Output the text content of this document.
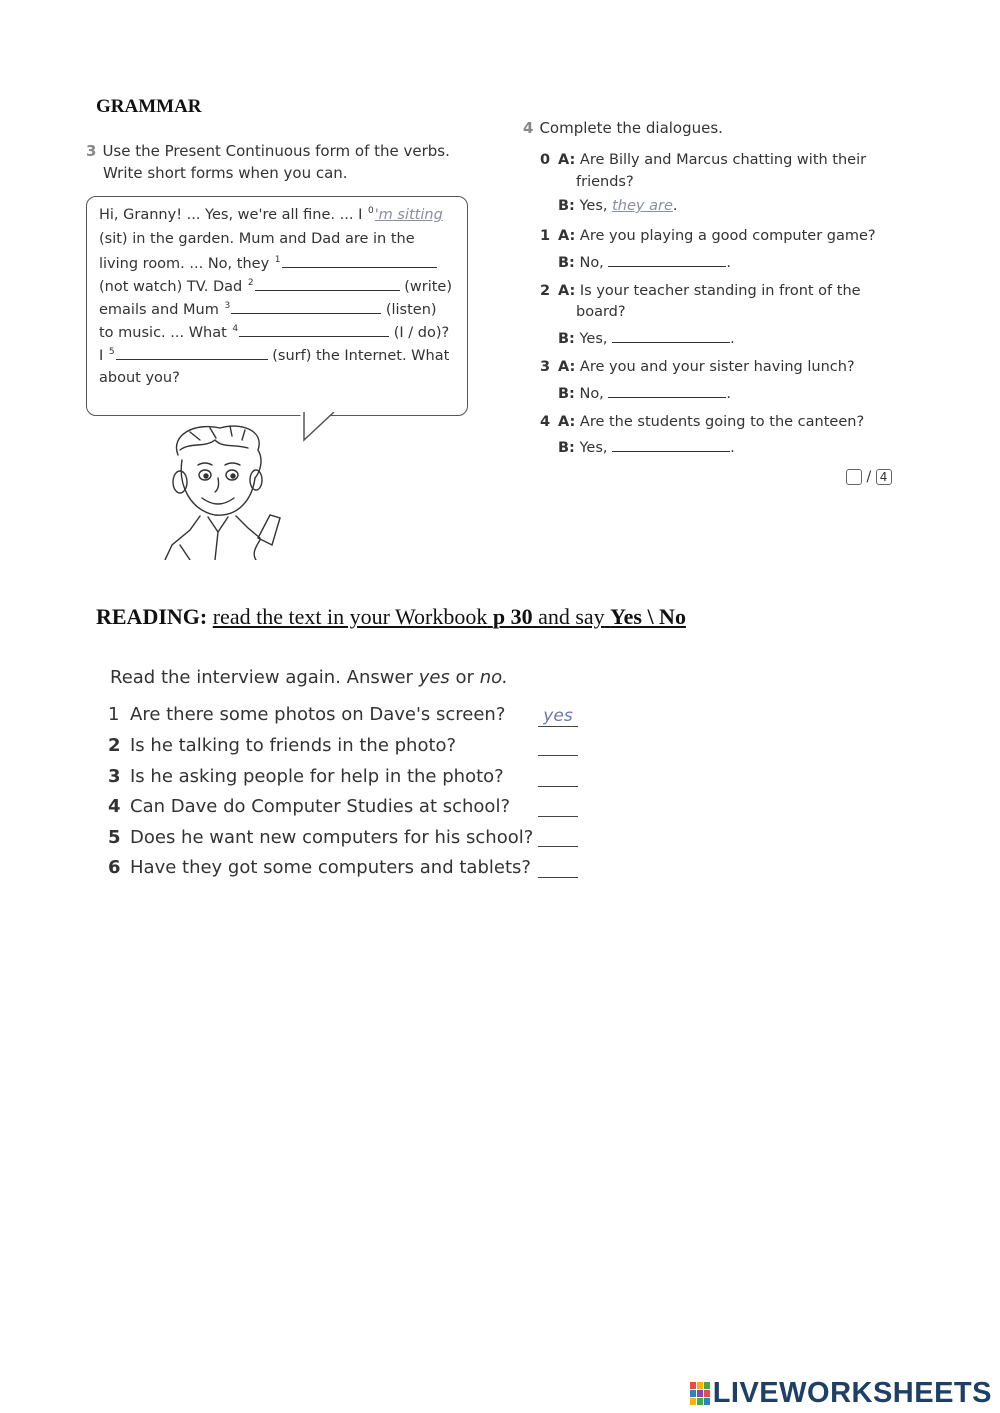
GRAMMAR
3 Use the Present Continuous form of the verbs.
Write short forms when you can.
Hi, Granny! ... Yes, we're all fine. ... I $^0$'m sitting
(sit) in the garden. Mum and Dad are in the
living room. ... No, they $^1$
(not watch) TV. Dad $^2$	(write)
emails and Mum $^3$	(listen)
to music. ... What $^4$	(I / do)?
I $^5$	(surf) the Internet. What
about you?
4 Complete the dialogues.
0 A: Are Billy and Marcus chatting with their
friends?
B: Yes, they are.
1 A: Are you playing a good computer game?
B: No,	.
2 A: Is your teacher standing in front of the
board?
B: Yes,	.
3 A: Are you and your sister having lunch?
B: No,	.
4 A: Are the students going to the canteen?
B: Yes,	.
/ 4
READING: read the text in your Workbook p 30 and say Yes \ No
Read the interview again. Answer yes or no.
1 Are there some photos on Dave's screen?	yes
2 Is he talking to friends in the photo?
3 Is he asking people for help in the photo?
4 Can Dave do Computer Studies at school?
5 Does he want new computers for his school?
6 Have they got some computers and tablets?
LIVEWORKSHEETS
